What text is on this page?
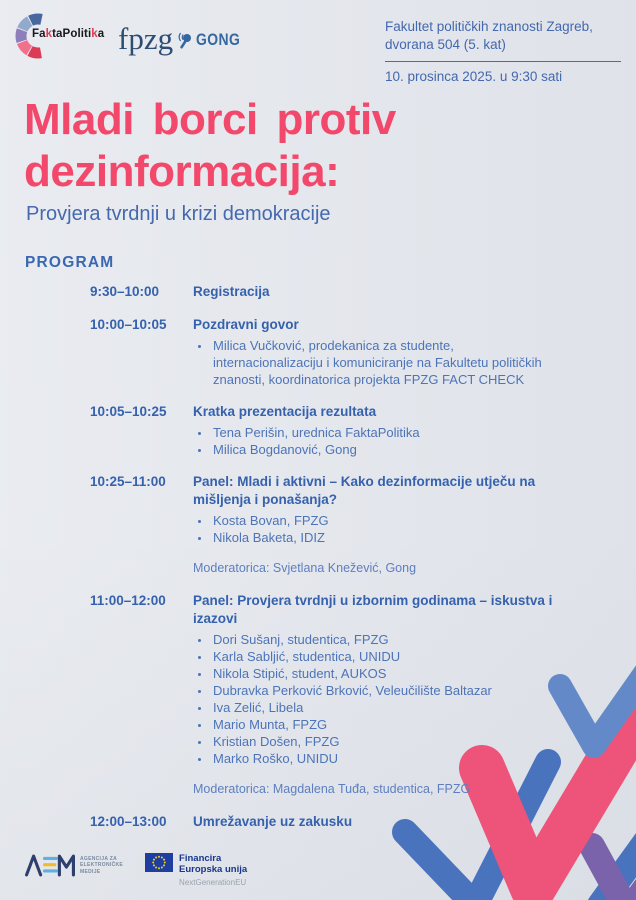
FaktaPolitika fpzg GONG
Fakultet političkih znanosti Zagreb,
dvorana 504 (5. kat)
10. prosinca 2025. u 9:30 sati
Mladi borci protiv
dezinformacija:
Provjera tvrdnji u krizi demokracije
PROGRAM
9:30–10:00	Registracija
10:00–10:05	Pozdravni govor
• Milica Vučković, prodekanica za studente, internacionalizaciju i komuniciranje na Fakultetu političkih znanosti, koordinatorica projekta FPZG FACT CHECK
10:05–10:25	Kratka prezentacija rezultata
• Tena Perišin, urednica FaktaPolitika
• Milica Bogdanović, Gong
10:25–11:00	Panel: Mladi i aktivni – Kako dezinformacije utječu na mišljenja i ponašanja?
• Kosta Bovan, FPZG
• Nikola Baketa, IDIZ
Moderatorica: Svjetlana Knežević, Gong
11:00–12:00	Panel: Provjera tvrdnji u izbornim godinama – iskustva i izazovi
• Dori Sušanj, studentica, FPZG
• Karla Sabljić, studentica, UNIDU
• Nikola Stipić, student, AUKOS
• Dubravka Perković Brković, Veleučilište Baltazar
• Iva Zelić, Libela
• Mario Munta, FPZG
• Kristian Došen, FPZG
• Marko Roško, UNIDU
Moderatorica: Magdalena Tuđa, studentica, FPZG
12:00–13:00	Umrežavanje uz zakusku
AGENCIJA ZA
ELEKTRONIČKE
MEDIJE
Financira
Europska unija
NextGenerationEU
